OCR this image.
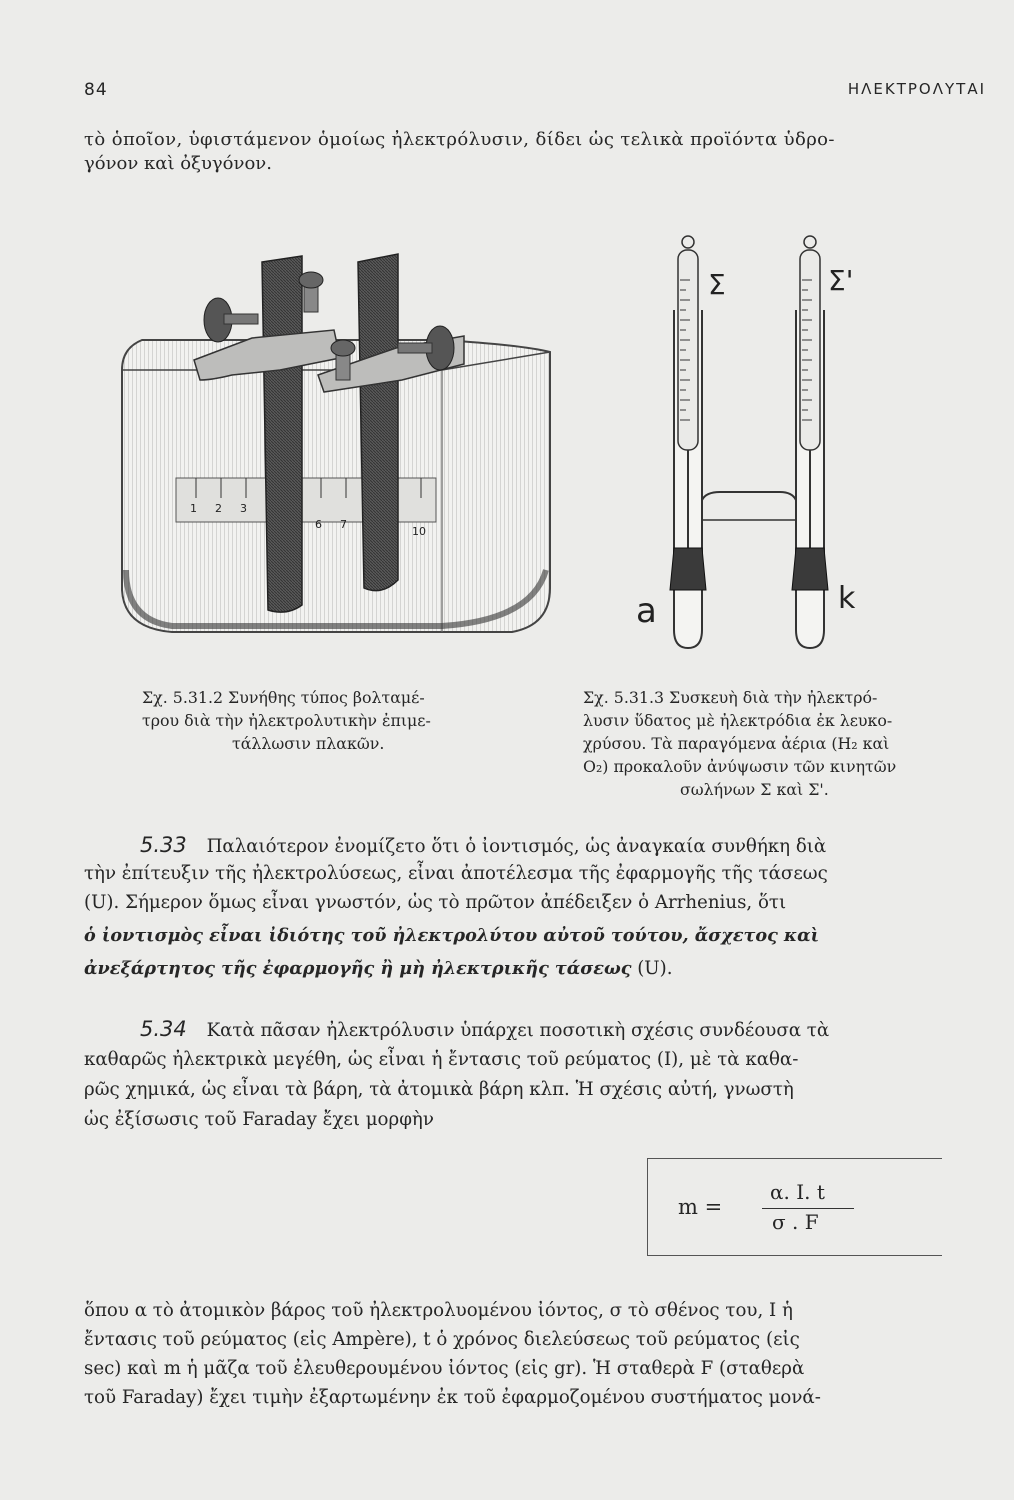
84	ΗΛΕΚΤΡΟΛΥΤΑΙ
τὸ ὁποῖον, ὑφιστάμενον ὁμοίως ἠλεκτρόλυσιν, δίδει ὡς τελικὰ προϊόντα ὑδρο-
γόνον καὶ ὀξυγόνον.
1 2 3
6 7
10
Σ	Σ'
a	k
Σχ. 5.31.2 Συνήθης τύπος βολταμέ-
τρου διὰ τὴν ἠλεκτρολυτικὴν ἐπιμε-
τάλλωσιν πλακῶν.
Σχ. 5.31.3 Συσκευὴ διὰ τὴν ἠλεκτρό-
λυσιν ὕδατος μὲ ἠλεκτρόδια ἐκ λευκο-
χρύσου. Τὰ παραγόμενα ἀέρια (H₂ καὶ
O₂) προκαλοῦν ἀνύψωσιν τῶν κινητῶν
σωλήνων Σ καὶ Σ'.
5.33 Παλαιότερον ἐνομίζετο ὅτι ὁ ἰοντισμός, ὡς ἀναγκαία συνθήκη διὰ
τὴν ἐπίτευξιν τῆς ἠλεκτρολύσεως, εἶναι ἀποτέλεσμα τῆς ἐφαρμογῆς τῆς τάσεως
(U). Σήμερον ὅμως εἶναι γνωστόν, ὡς τὸ πρῶτον ἀπέδειξεν ὁ Arrhenius, ὅτι
ὁ ἰοντισμὸς εἶναι ἰδιότης τοῦ ἠλεκτρολύτου αὐτοῦ τούτου, ἄσχετος καὶ
ἀνεξάρτητος τῆς ἐφαρμογῆς ἢ μὴ ἠλεκτρικῆς τάσεως (U).
5.34 Κατὰ πᾶσαν ἠλεκτρόλυσιν ὑπάρχει ποσοτικὴ σχέσις συνδέουσα τὰ
καθαρῶς ἠλεκτρικὰ μεγέθη, ὡς εἶναι ἡ ἔντασις τοῦ ρεύματος (I), μὲ τὰ καθα-
ρῶς χημικά, ὡς εἶναι τὰ βάρη, τὰ ἀτομικὰ βάρη κλπ. Ἡ σχέσις αὐτή, γνωστὴ
ὡς ἐξίσωσις τοῦ Faraday ἔχει μορφὴν
m =
α. I. t
σ . F
ὅπου α τὸ ἀτομικὸν βάρος τοῦ ἠλεκτρολυομένου ἰόντος, σ τὸ σθένος του, I ἡ
ἔντασις τοῦ ρεύματος (εἰς Ampère), t ὁ χρόνος διελεύσεως τοῦ ρεύματος (εἰς
sec) καὶ m ἡ μᾶζα τοῦ ἐλευθερουμένου ἰόντος (εἰς gr). Ἡ σταθερὰ F (σταθερὰ
τοῦ Faraday) ἔχει τιμὴν ἐξαρτωμένην ἐκ τοῦ ἐφαρμοζομένου συστήματος μονά-
